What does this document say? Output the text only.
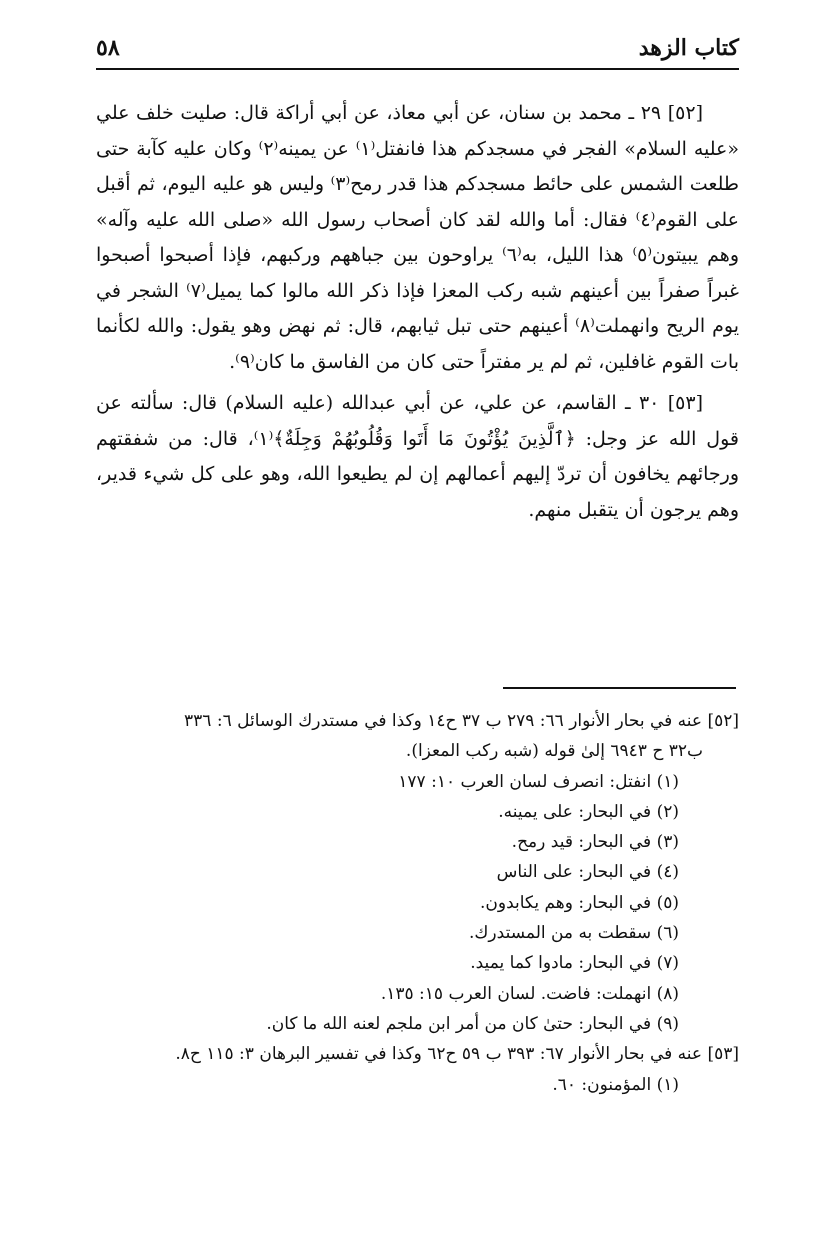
كتاب الزهد
٥٨

[٥٢] ٢٩ ـ محمد بن سنان، عن أبي معاذ، عن أبي أراكة قال: صليت خلف علي «عليه السلام» الفجر في مسجدكم هذا فانفتل⁽١⁾ عن يمينه⁽٢⁾ وكان عليه كآبة حتى طلعت الشمس على حائط مسجدكم هذا قدر رمح⁽٣⁾ وليس هو عليه اليوم، ثم أقبل على القوم⁽٤⁾ فقال: أما والله لقد كان أصحاب رسول الله «صلى الله عليه وآله» وهم يبيتون⁽٥⁾ هذا الليل، به⁽٦⁾ يراوحون بين جباههم وركبهم، فإذا أصبحوا أصبحوا غبراً صفراً بين أعينهم شبه ركب المعزا فإذا ذكر الله مالوا كما يميل⁽٧⁾ الشجر في يوم الريح وانهملت⁽٨⁾ أعينهم حتى تبل ثيابهم، قال: ثم نهض وهو يقول: والله لكأنما بات القوم غافلين، ثم لم ير مفتراً حتى كان من الفاسق ما كان⁽٩⁾.

[٥٣] ٣٠ ـ القاسم، عن علي، عن أبي عبدالله (عليه السلام) قال: سألته عن قول الله عز وجل: ﴿ٱلَّذِينَ يُؤْتُونَ مَا أَتَوا وَقُلُوبُهُمْ وَجِلَةٌ﴾⁽١⁾، قال: من شفقتهم ورجائهم يخافون أن تردّ إليهم أعمالهم إن لم يطيعوا الله، وهو على كل شيء قدير، وهم يرجون أن يتقبل منهم.

[٥٢] عنه في بحار الأنوار ٦٦: ٢٧٩ ب ٣٧ ح١٤ وكذا في مستدرك الوسائل ٦: ٣٣٦
ب٣٢ ح ٦٩٤٣ إلىٰ قوله (شبه ركب المعزا).
(١) انفتل: انصرف لسان العرب ١٠: ١٧٧
(٢) في البحار: على يمينه.
(٣) في البحار: قيد رمح.
(٤) في البحار: على الناس
(٥) في البحار: وهم يكابدون.
(٦) سقطت به من المستدرك.
(٧) في البحار: مادوا كما يميد.
(٨) انهملت: فاضت. لسان العرب ١٥: ١٣٥.
(٩) في البحار: حتىٰ كان من أمر ابن ملجم لعنه الله ما كان.
[٥٣] عنه في بحار الأنوار ٦٧: ٣٩٣ ب ٥٩ ح٦٢ وكذا في تفسير البرهان ٣: ١١٥ ح٨.
(١) المؤمنون: ٦٠.
